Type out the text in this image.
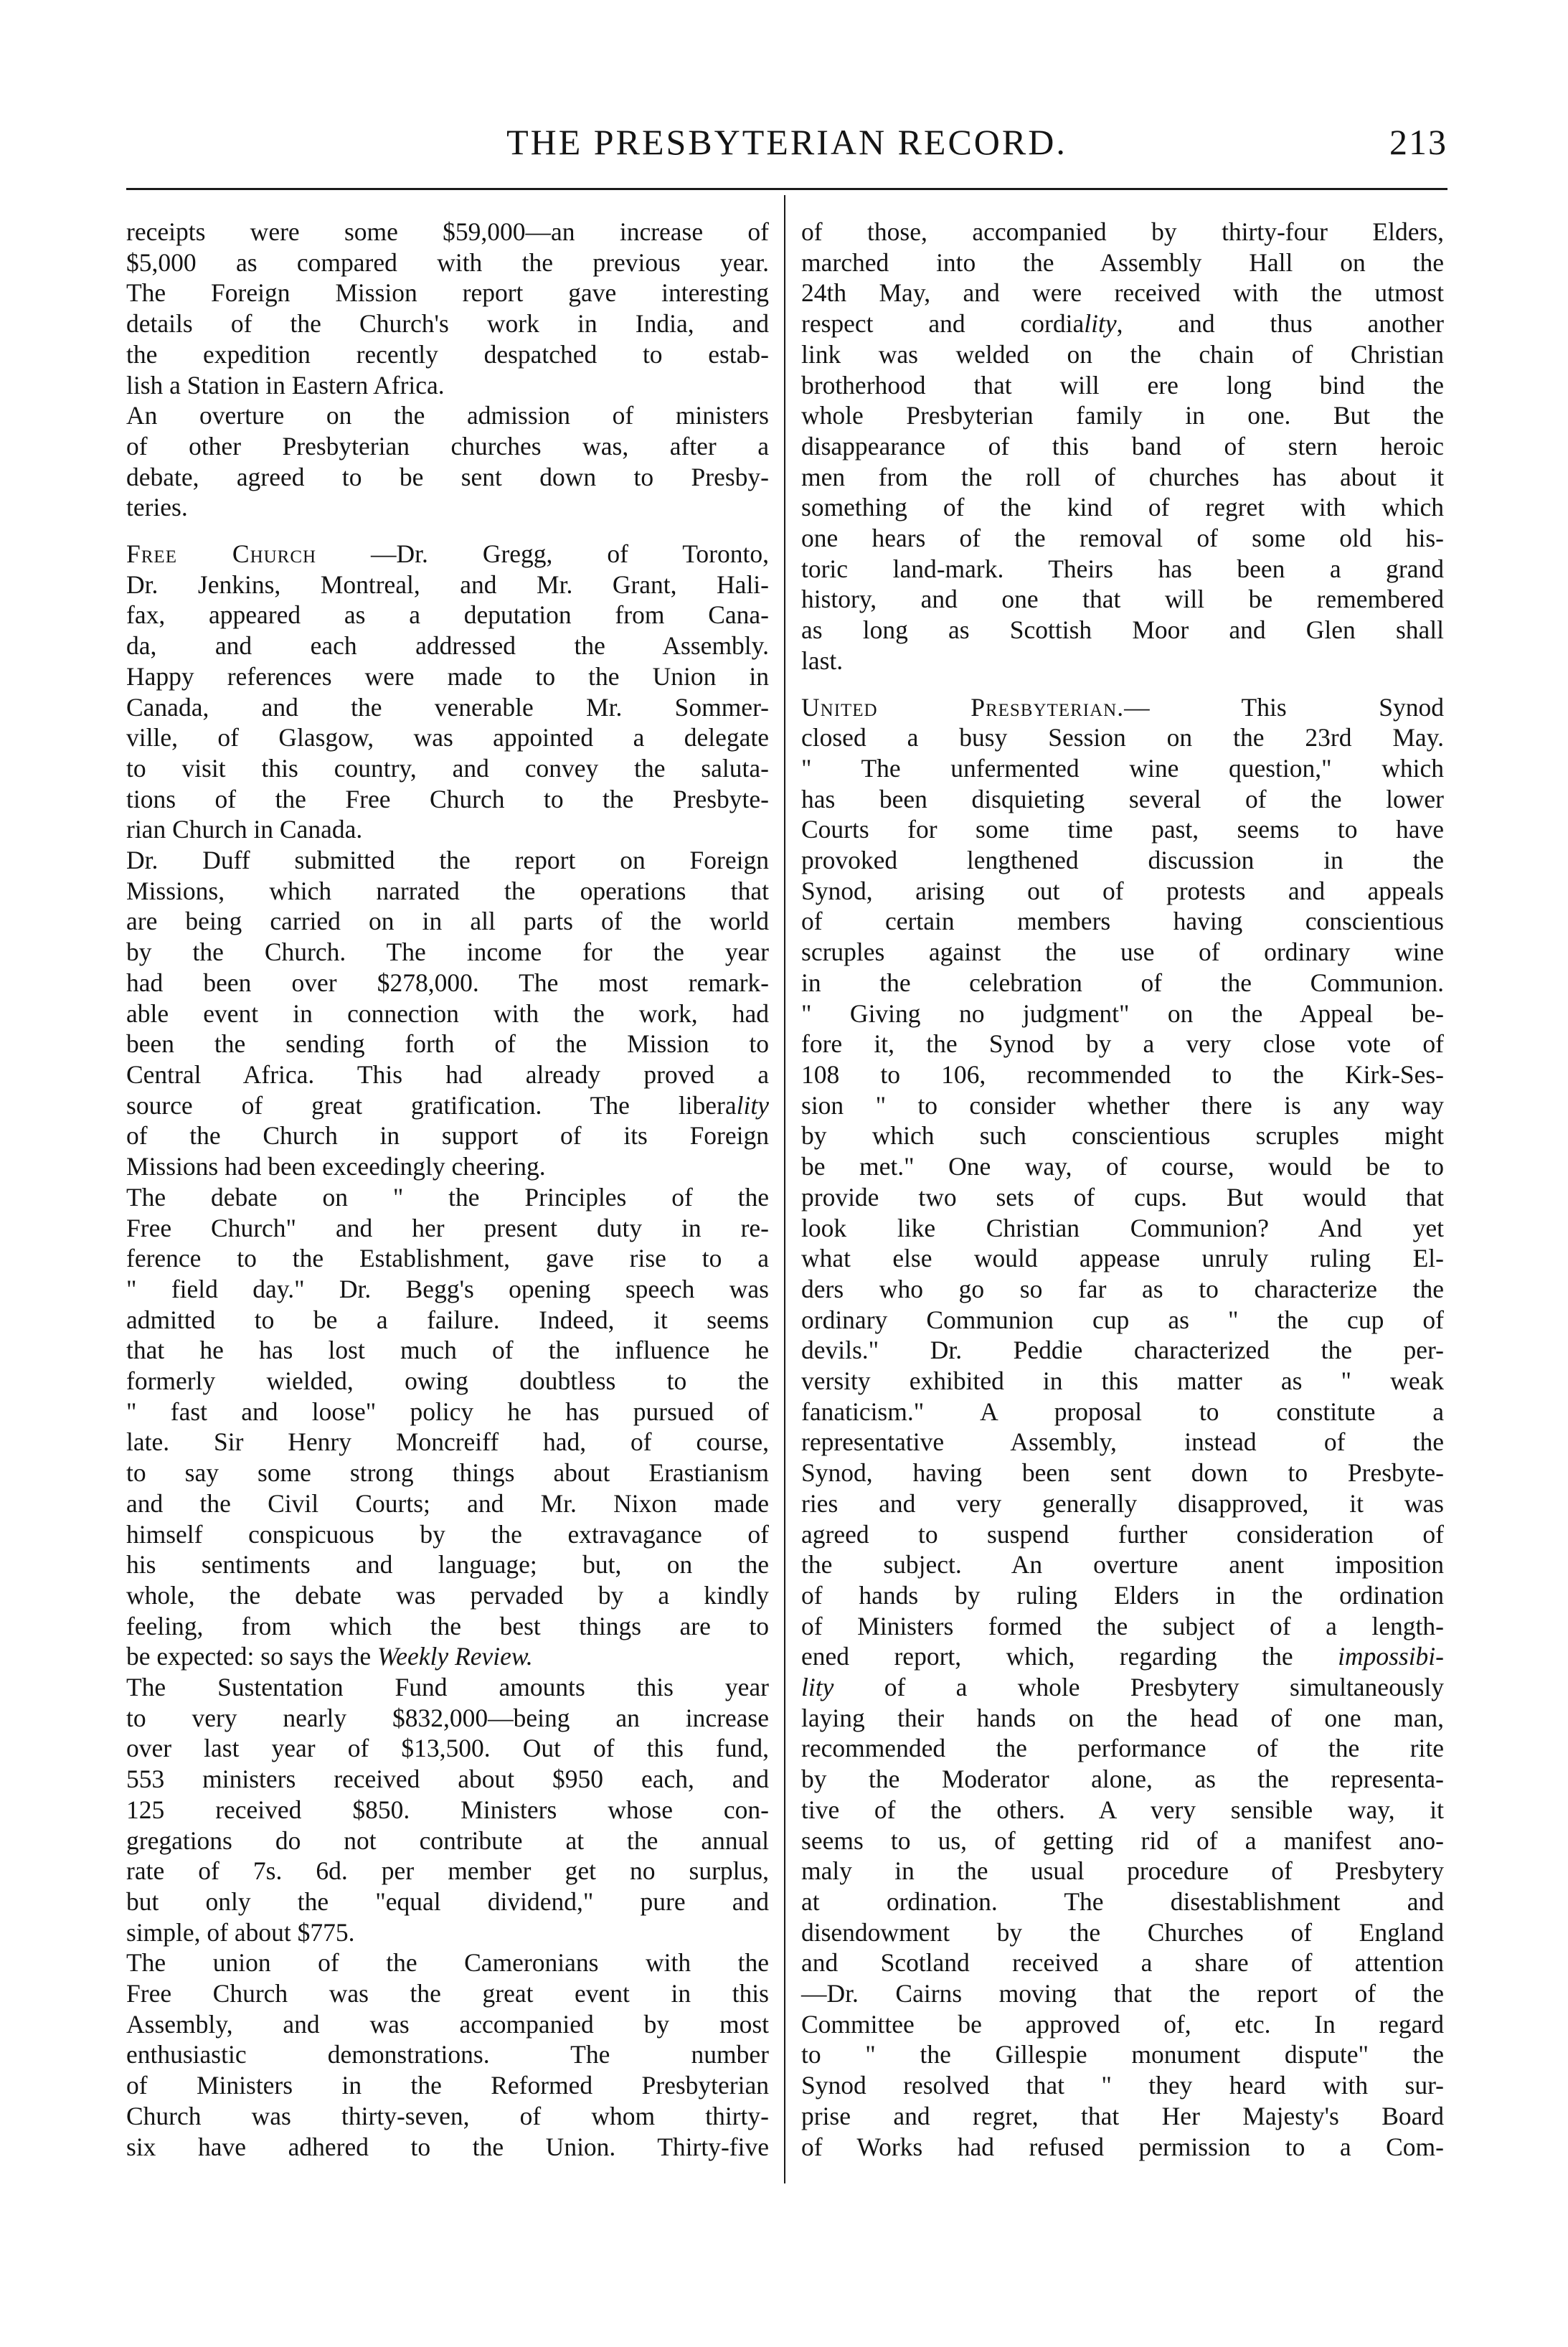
THE PRESBYTERIAN RECORD.	213

receipts were some $59,000—an increase of

$5,000 as compared with the previous year.

The Foreign Mission report gave interesting

details of the Church's work in India, and

the expedition recently despatched to estab-

lish a Station in Eastern Africa.

An overture on the admission of ministers

of other Presbyterian churches was, after a

debate, agreed to be sent down to Presby-

teries.

Free Church —Dr. Gregg, of Toronto,

Dr. Jenkins, Montreal, and Mr. Grant, Hali-

fax, appeared as a deputation from Cana-

da, and each addressed the Assembly.

Happy references were made to the Union in

Canada, and the venerable Mr. Sommer-

ville, of Glasgow, was appointed a delegate

to visit this country, and convey the saluta-

tions of the Free Church to the Presbyte-

rian Church in Canada.

Dr. Duff submitted the report on Foreign

Missions, which narrated the operations that

are being carried on in all parts of the world

by the Church. The income for the year

had been over $278,000. The most remark-

able event in connection with the work, had

been the sending forth of the Mission to

Central Africa. This had already proved a

source of great gratification. The liberality

of the Church in support of its Foreign

Missions had been exceedingly cheering.

The debate on " the Principles of the

Free Church" and her present duty in re-

ference to the Establishment, gave rise to a

" field day." Dr. Begg's opening speech was

admitted to be a failure. Indeed, it seems

that he has lost much of the influence he

formerly wielded, owing doubtless to the

" fast and loose" policy he has pursued of

late. Sir Henry Moncreiff had, of course,

to say some strong things about Erastianism

and the Civil Courts; and Mr. Nixon made

himself conspicuous by the extravagance of

his sentiments and language; but, on the

whole, the debate was pervaded by a kindly

feeling, from which the best things are to

be expected: so says the Weekly Review.

The Sustentation Fund amounts this year

to very nearly $832,000—being an increase

over last year of $13,500. Out of this fund,

553 ministers received about $950 each, and

125 received $850. Ministers whose con-

gregations do not contribute at the annual

rate of 7s. 6d. per member get no surplus,

but only the "equal dividend," pure and

simple, of about $775.

The union of the Cameronians with the

Free Church was the great event in this

Assembly, and was accompanied by most

enthusiastic demonstrations. The number

of Ministers in the Reformed Presbyterian

Church was thirty-seven, of whom thirty-

six have adhered to the Union. Thirty-five

of those, accompanied by thirty-four Elders,

marched into the Assembly Hall on the

24th May, and were received with the utmost

respect and cordiality, and thus another

link was welded on the chain of Christian

brotherhood that will ere long bind the

whole Presbyterian family in one. But the

disappearance of this band of stern heroic

men from the roll of churches has about it

something of the kind of regret with which

one hears of the removal of some old his-

toric land-mark. Theirs has been a grand

history, and one that will be remembered

as long as Scottish Moor and Glen shall

last.

United Presbyterian.— This Synod

closed a busy Session on the 23rd May.

" The unfermented wine question," which

has been disquieting several of the lower

Courts for some time past, seems to have

provoked lengthened discussion in the

Synod, arising out of protests and appeals

of certain members having conscientious

scruples against the use of ordinary wine

in the celebration of the Communion.

" Giving no judgment" on the Appeal be-

fore it, the Synod by a very close vote of

108 to 106, recommended to the Kirk-Ses-

sion " to consider whether there is any way

by which such conscientious scruples might

be met." One way, of course, would be to

provide two sets of cups. But would that

look like Christian Communion? And yet

what else would appease unruly ruling El-

ders who go so far as to characterize the

ordinary Communion cup as " the cup of

devils." Dr. Peddie characterized the per-

versity exhibited in this matter as " weak

fanaticism." A proposal to constitute a

representative Assembly, instead of the

Synod, having been sent down to Presbyte-

ries and very generally disapproved, it was

agreed to suspend further consideration of

the subject. An overture anent imposition

of hands by ruling Elders in the ordination

of Ministers formed the subject of a length-

ened report, which, regarding the impossibi-

lity of a whole Presbytery simultaneously

laying their hands on the head of one man,

recommended the performance of the rite

by the Moderator alone, as the representa-

tive of the others. A very sensible way, it

seems to us, of getting rid of a manifest ano-

maly in the usual procedure of Presbytery

at ordination. The disestablishment and

disendowment by the Churches of England

and Scotland received a share of attention

—Dr. Cairns moving that the report of the

Committee be approved of, etc. In regard

to " the Gillespie monument dispute" the

Synod resolved that " they heard with sur-

prise and regret, that Her Majesty's Board

of Works had refused permission to a Com-
